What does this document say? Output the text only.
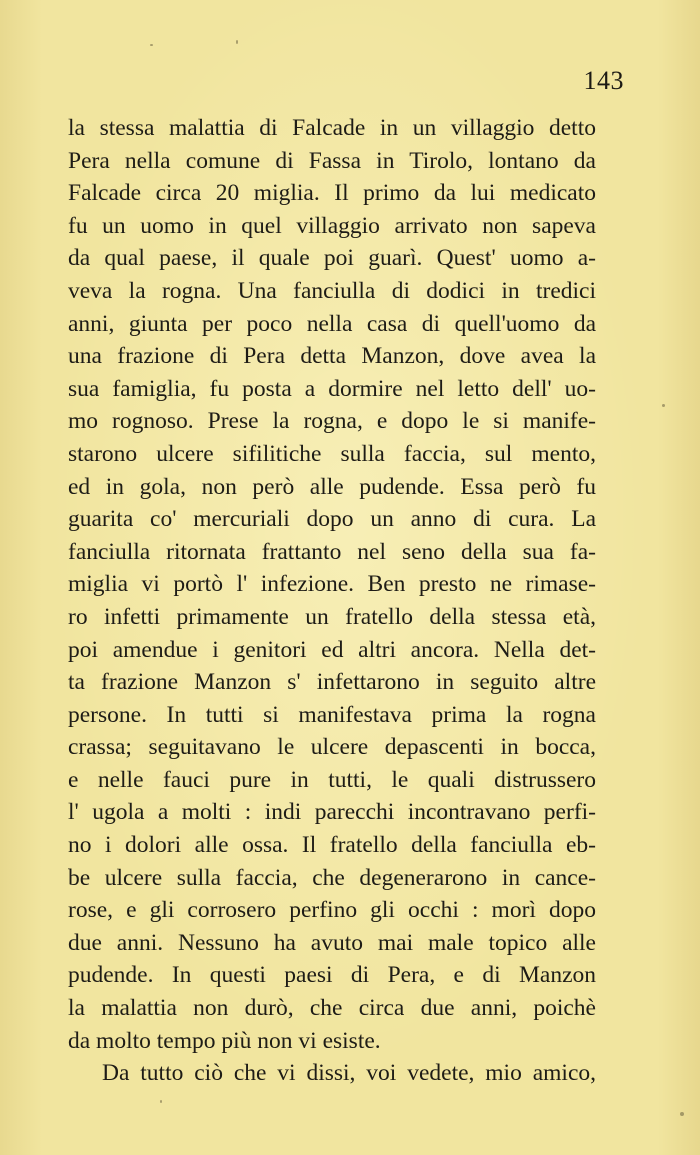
143
la stessa malattia di Falcade in un villaggio detto
Pera nella comune di Fassa in Tirolo, lontano da
Falcade circa 20 miglia. Il primo da lui medicato
fu un uomo in quel villaggio arrivato non sapeva
da qual paese, il quale poi guarì. Quest' uomo a-
veva la rogna. Una fanciulla di dodici in tredici
anni, giunta per poco nella casa di quell'uomo da
una frazione di Pera detta Manzon, dove avea la
sua famiglia, fu posta a dormire nel letto dell' uo-
mo rognoso. Prese la rogna, e dopo le si manife-
starono ulcere sifilitiche sulla faccia, sul mento,
ed in gola, non però alle pudende. Essa però fu
guarita co' mercuriali dopo un anno di cura. La
fanciulla ritornata frattanto nel seno della sua fa-
miglia vi portò l' infezione. Ben presto ne rimase-
ro infetti primamente un fratello della stessa età,
poi amendue i genitori ed altri ancora. Nella det-
ta frazione Manzon s' infettarono in seguito altre
persone. In tutti si manifestava prima la rogna
crassa; seguitavano le ulcere depascenti in bocca,
e nelle fauci pure in tutti, le quali distrussero
l' ugola a molti : indi parecchi incontravano perfi-
no i dolori alle ossa. Il fratello della fanciulla eb-
be ulcere sulla faccia, che degenerarono in cance-
rose, e gli corrosero perfino gli occhi : morì dopo
due anni. Nessuno ha avuto mai male topico alle
pudende. In questi paesi di Pera, e di Manzon
la malattia non durò, che circa due anni, poichè
da molto tempo più non vi esiste.
Da tutto ciò che vi dissi, voi vedete, mio amico,
